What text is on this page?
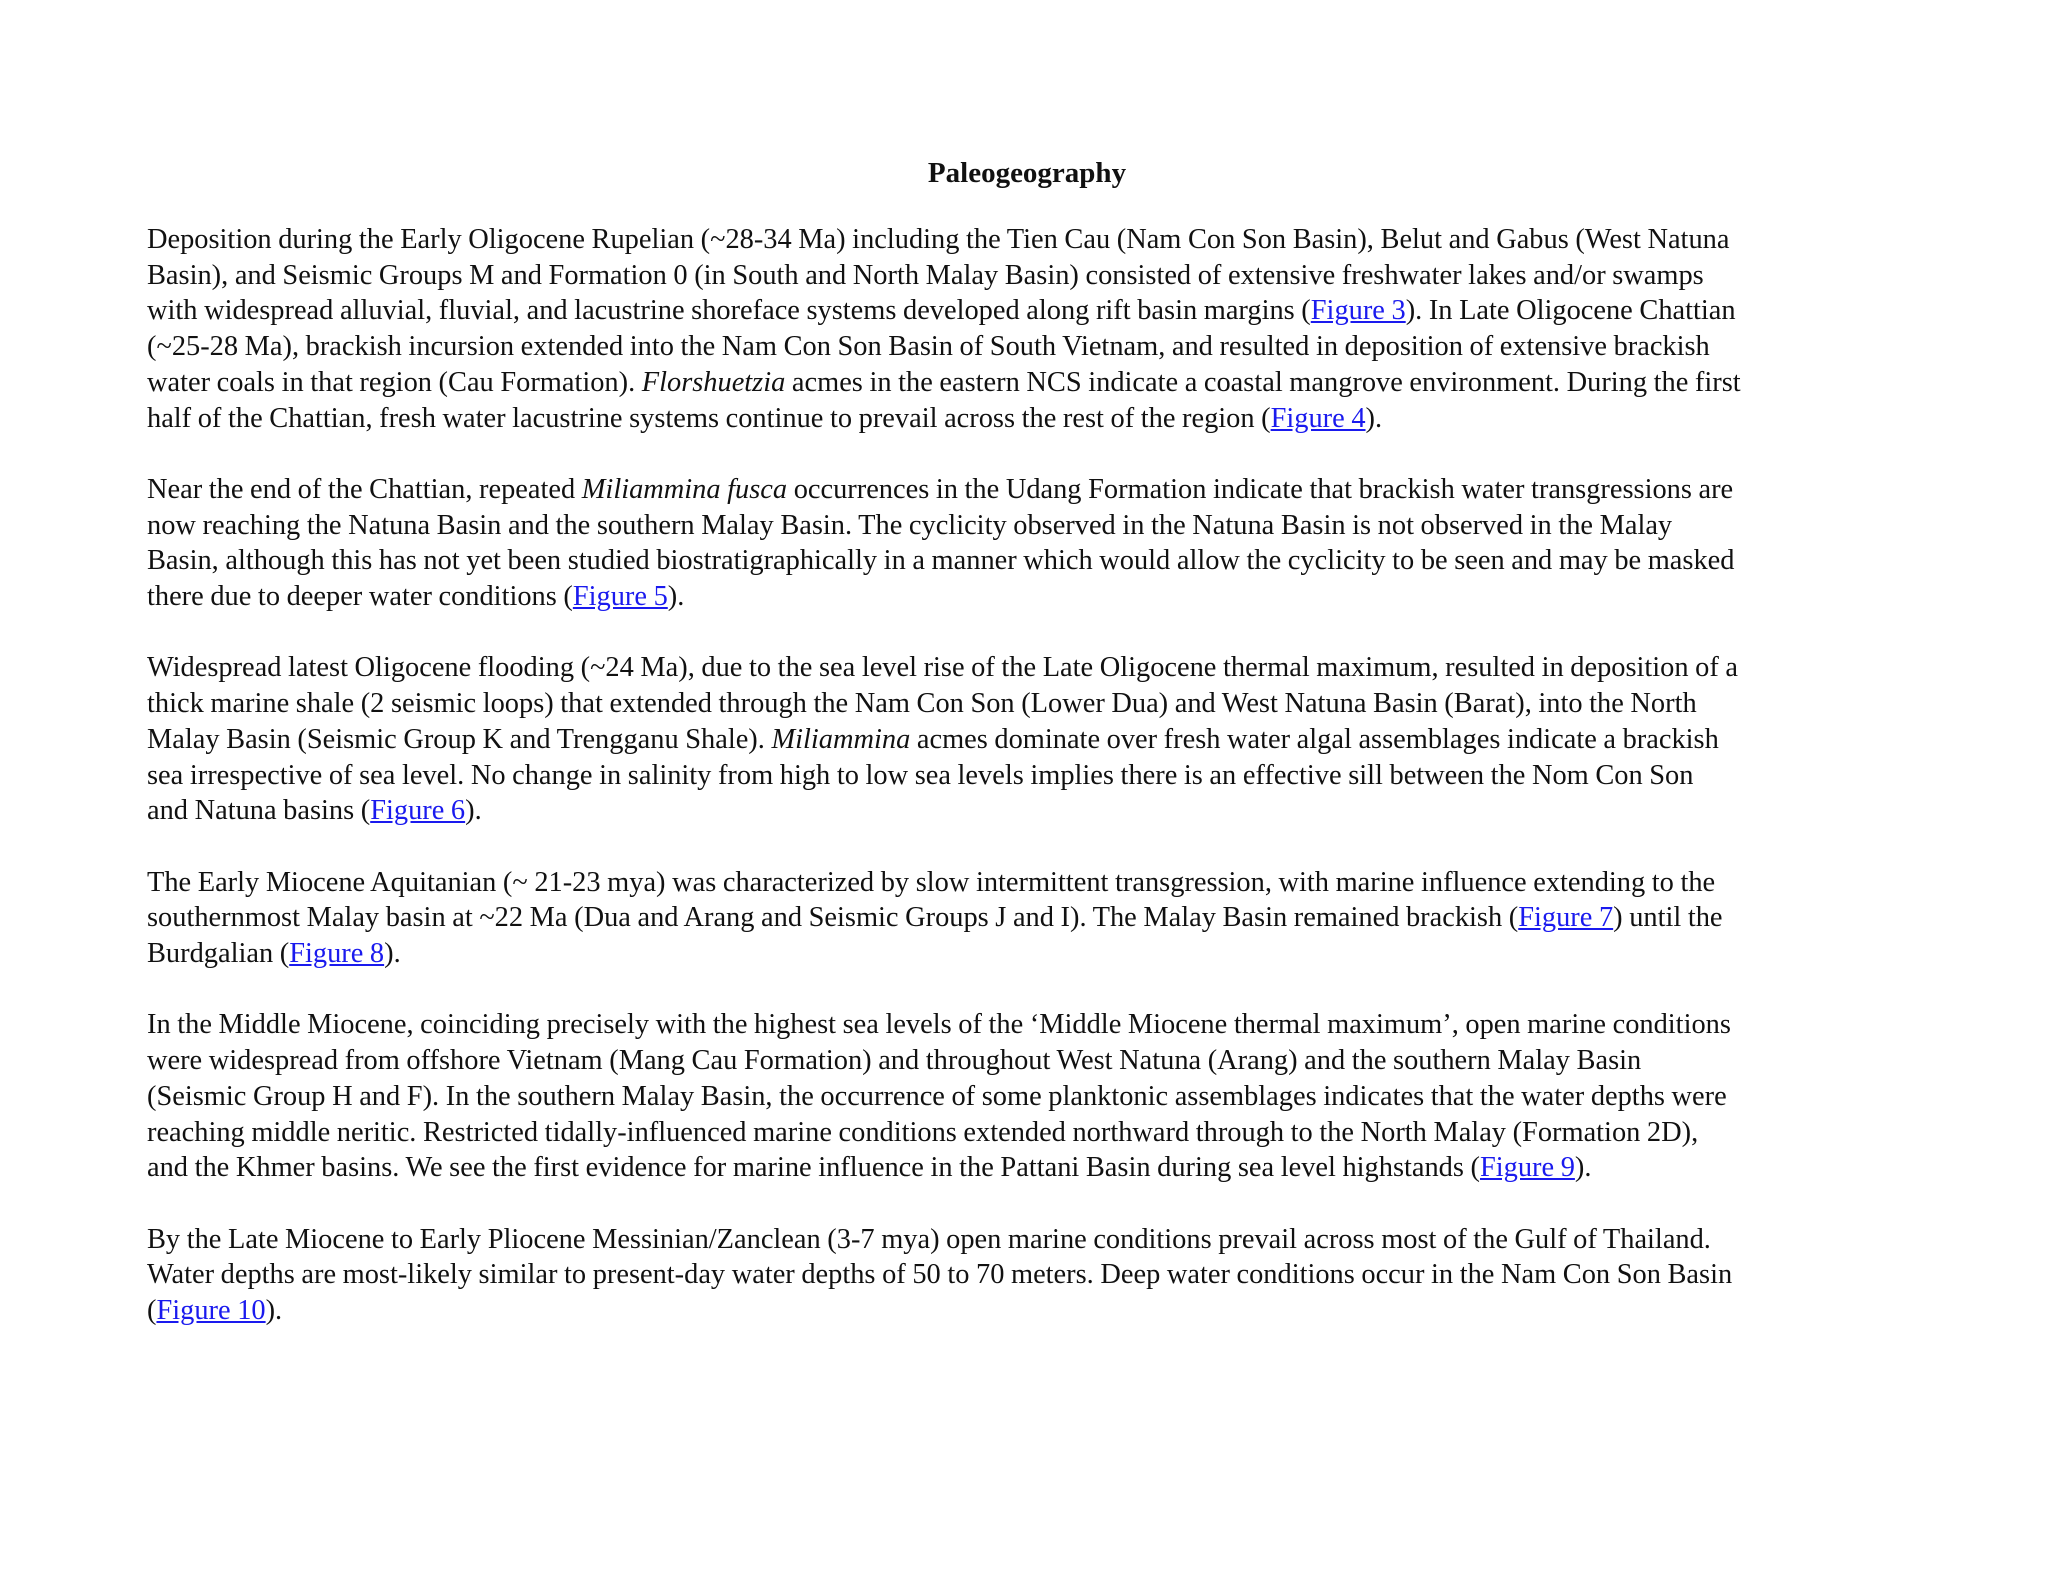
Paleogeography
Deposition during the Early Oligocene Rupelian (~28-34 Ma) including the Tien Cau (Nam Con Son Basin), Belut and Gabus (West Natuna
Basin), and Seismic Groups M and Formation 0 (in South and North Malay Basin) consisted of extensive freshwater lakes and/or swamps
with widespread alluvial, fluvial, and lacustrine shoreface systems developed along rift basin margins (Figure 3). In Late Oligocene Chattian
(~25-28 Ma), brackish incursion extended into the Nam Con Son Basin of South Vietnam, and resulted in deposition of extensive brackish
water coals in that region (Cau Formation). Florshuetzia acmes in the eastern NCS indicate a coastal mangrove environment. During the first
half of the Chattian, fresh water lacustrine systems continue to prevail across the rest of the region (Figure 4).
Near the end of the Chattian, repeated Miliammina fusca occurrences in the Udang Formation indicate that brackish water transgressions are
now reaching the Natuna Basin and the southern Malay Basin. The cyclicity observed in the Natuna Basin is not observed in the Malay
Basin, although this has not yet been studied biostratigraphically in a manner which would allow the cyclicity to be seen and may be masked
there due to deeper water conditions (Figure 5).
Widespread latest Oligocene flooding (~24 Ma), due to the sea level rise of the Late Oligocene thermal maximum, resulted in deposition of a
thick marine shale (2 seismic loops) that extended through the Nam Con Son (Lower Dua) and West Natuna Basin (Barat), into the North
Malay Basin (Seismic Group K and Trengganu Shale). Miliammina acmes dominate over fresh water algal assemblages indicate a brackish
sea irrespective of sea level. No change in salinity from high to low sea levels implies there is an effective sill between the Nom Con Son
and Natuna basins (Figure 6).
The Early Miocene Aquitanian (~ 21-23 mya) was characterized by slow intermittent transgression, with marine influence extending to the
southernmost Malay basin at ~22 Ma (Dua and Arang and Seismic Groups J and I). The Malay Basin remained brackish (Figure 7) until the
Burdgalian (Figure 8).
In the Middle Miocene, coinciding precisely with the highest sea levels of the ‘Middle Miocene thermal maximum’, open marine conditions
were widespread from offshore Vietnam (Mang Cau Formation) and throughout West Natuna (Arang) and the southern Malay Basin
(Seismic Group H and F). In the southern Malay Basin, the occurrence of some planktonic assemblages indicates that the water depths were
reaching middle neritic. Restricted tidally-influenced marine conditions extended northward through to the North Malay (Formation 2D),
and the Khmer basins. We see the first evidence for marine influence in the Pattani Basin during sea level highstands (Figure 9).
By the Late Miocene to Early Pliocene Messinian/Zanclean (3-7 mya) open marine conditions prevail across most of the Gulf of Thailand.
Water depths are most-likely similar to present-day water depths of 50 to 70 meters. Deep water conditions occur in the Nam Con Son Basin
(Figure 10).
